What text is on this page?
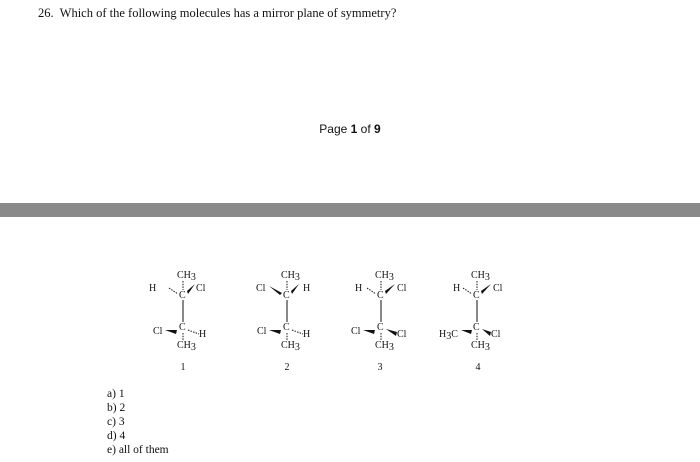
26. Which of the following molecules has a mirror plane of symmetry?
Page 1 of 9
CH3
H	Cl
C
C
Cl	H
CH3
1
CH3
Cl	H
C
C
Cl	H
CH3
2
CH3
H	Cl
C
C
Cl	Cl
CH3
3
CH3
H	Cl
C
C
H3C	Cl
CH3
4
a) 1
b) 2
c) 3
d) 4
e) all of them
